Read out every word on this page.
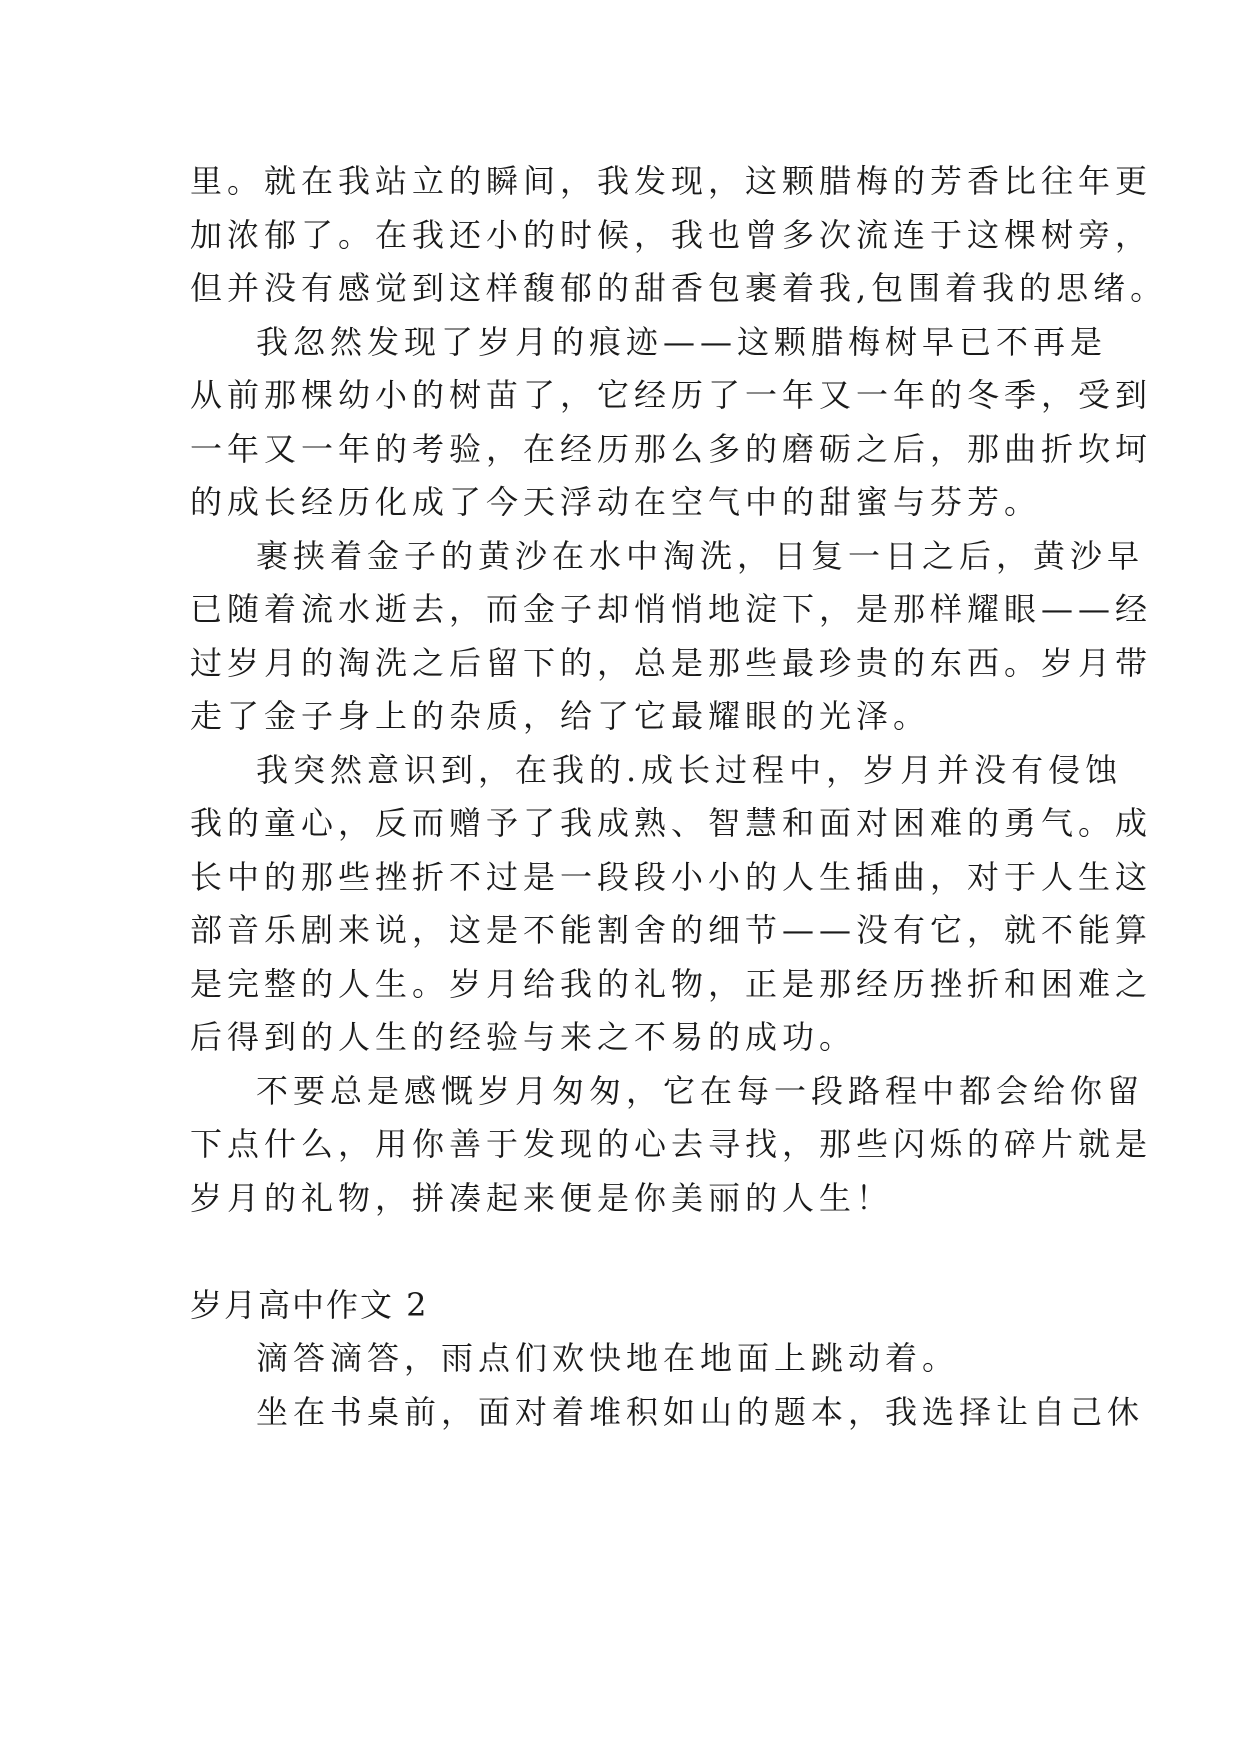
里。就在我站立的瞬间，我发现，这颗腊梅的芳香比往年更
加浓郁了。在我还小的时候，我也曾多次流连于这棵树旁，
但并没有感觉到这样馥郁的甜香包裹着我,包围着我的思绪。
我忽然发现了岁月的痕迹——这颗腊梅树早已不再是
从前那棵幼小的树苗了，它经历了一年又一年的冬季，受到
一年又一年的考验，在经历那么多的磨砺之后，那曲折坎坷
的成长经历化成了今天浮动在空气中的甜蜜与芬芳。
裹挟着金子的黄沙在水中淘洗，日复一日之后，黄沙早
已随着流水逝去，而金子却悄悄地淀下，是那样耀眼——经
过岁月的淘洗之后留下的，总是那些最珍贵的东西。岁月带
走了金子身上的杂质，给了它最耀眼的光泽。
我突然意识到，在我的.成长过程中，岁月并没有侵蚀
我的童心，反而赠予了我成熟、智慧和面对困难的勇气。成
长中的那些挫折不过是一段段小小的人生插曲，对于人生这
部音乐剧来说，这是不能割舍的细节——没有它，就不能算
是完整的人生。岁月给我的礼物，正是那经历挫折和困难之
后得到的人生的经验与来之不易的成功。
不要总是感慨岁月匆匆，它在每一段路程中都会给你留
下点什么，用你善于发现的心去寻找，那些闪烁的碎片就是
岁月的礼物，拼凑起来便是你美丽的人生！
岁月高中作文 2
滴答滴答，雨点们欢快地在地面上跳动着。
坐在书桌前，面对着堆积如山的题本，我选择让自己休
